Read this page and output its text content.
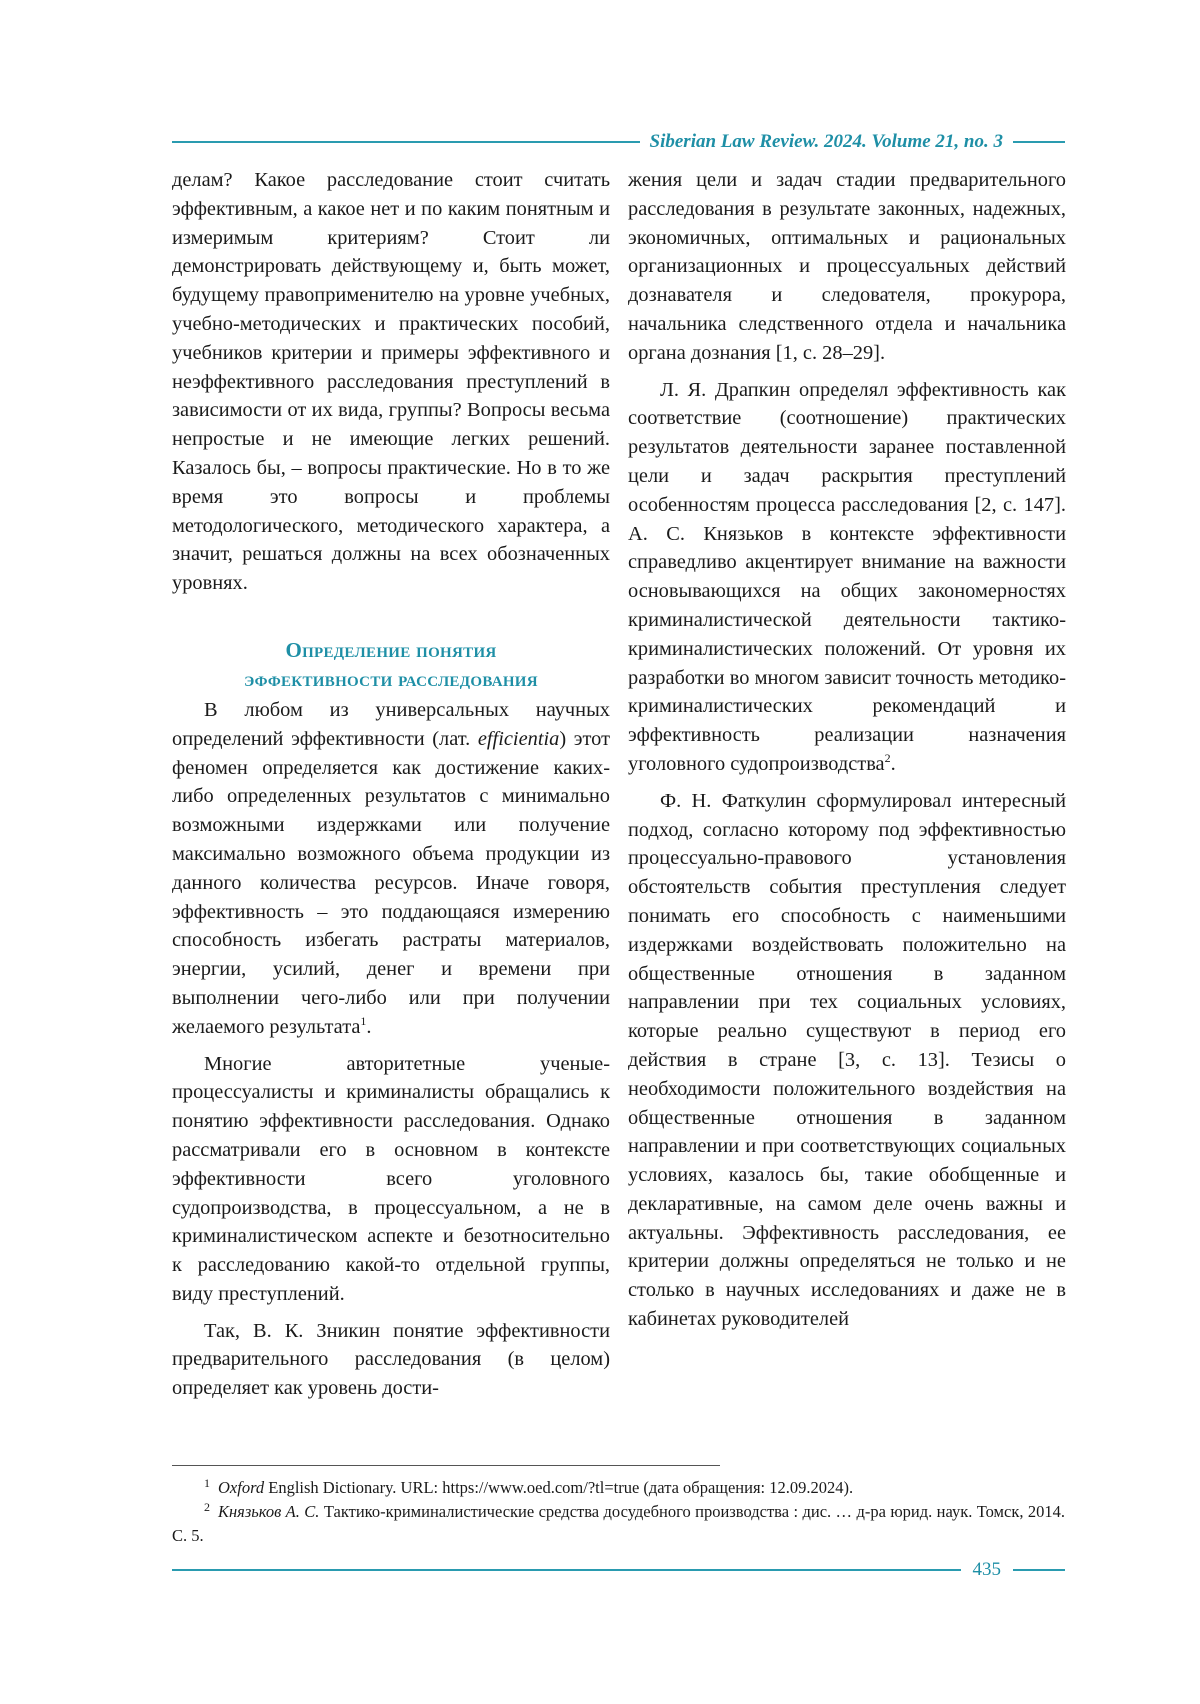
Siberian Law Review. 2024. Volume 21, no. 3

делам? Какое расследование стоит считать эффективным, а какое нет и по каким понятным и измеримым критериям? Стоит ли демонстрировать действующему и, быть может, будущему правоприменителю на уровне учебных, учебно-методических и практических пособий, учебников критерии и примеры эффективного и неэффективного расследования преступлений в зависимости от их вида, группы? Вопросы весьма непростые и не имеющие легких решений. Казалось бы, – вопросы практические. Но в то же время это вопросы и проблемы методологического, методического характера, а значит, решаться должны на всех обозначенных уровнях.

Определение понятия
эффективности расследования

В любом из универсальных научных определений эффективности (лат. efficientia) этот феномен определяется как достижение каких-либо определенных результатов с минимально возможными издержками или получение максимально возможного объема продукции из данного количества ресурсов. Иначе говоря, эффективность – это поддающаяся измерению способность избегать растраты материалов, энергии, усилий, денег и времени при выполнении чего-либо или при получении желаемого результата$^1$.

Многие авторитетные ученые-процессуалисты и криминалисты обращались к понятию эффективности расследования. Однако рассматривали его в основном в контексте эффективности всего уголовного судопроизводства, в процессуальном, а не в криминалистическом аспекте и безотносительно к расследованию какой-то отдельной группы, виду преступлений.

Так, В. К. Зникин понятие эффективности предварительного расследования (в целом) определяет как уровень дости-

жения цели и задач стадии предварительного расследования в результате законных, надежных, экономичных, оптимальных и рациональных организационных и процессуальных действий дознавателя и следователя, прокурора, начальника следственного отдела и начальника органа дознания [1, с. 28–29].

Л. Я. Драпкин определял эффективность как соответствие (соотношение) практических результатов деятельности заранее поставленной цели и задач раскрытия преступлений особенностям процесса расследования [2, с. 147]. А. С. Князьков в контексте эффективности справедливо акцентирует внимание на важности основывающихся на общих закономерностях криминалистической деятельности тактико-криминалистических положений. От уровня их разработки во многом зависит точность методико-криминалистических рекомендаций и эффективность реализации назначения уголовного судопроизводства$^2$.

Ф. Н. Фаткулин сформулировал интересный подход, согласно которому под эффективностью процессуально-правового установления обстоятельств события преступления следует понимать его способность с наименьшими издержками воздействовать положительно на общественные отношения в заданном направлении при тех социальных условиях, которые реально существуют в период его действия в стране [3, с. 13]. Тезисы о необходимости положительного воздействия на общественные отношения в заданном направлении и при соответствующих социальных условиях, казалось бы, такие обобщенные и декларативные, на самом деле очень важны и актуальны. Эффективность расследования, ее критерии должны определяться не только и не столько в научных исследованиях и даже не в кабинетах руководителей

$^1$ Oxford English Dictionary. URL: https://www.oed.com/?tl=true (дата обращения: 12.09.2024).

$^2$ Князьков А. С. Тактико-криминалистические средства досудебного производства : дис. … д-ра юрид. наук. Томск, 2014. С. 5.

435
